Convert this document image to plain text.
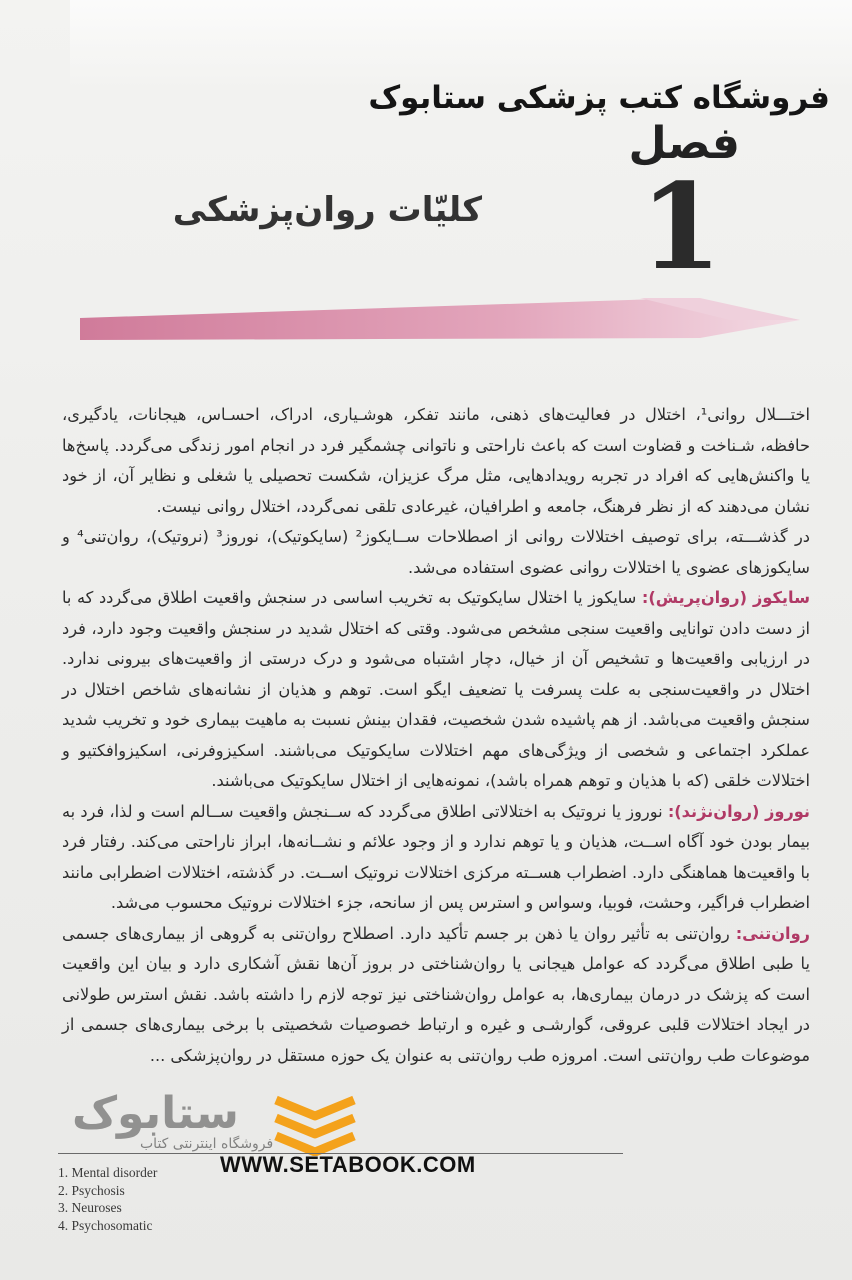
فروشگاه کتب پزشکی ستابوک
فصل
1
کلیّات روان‌پزشکی

اختـــلال روانی¹، اختلال در فعالیت‌های ذهنی، مانند تفکر، هوشـیاری، ادراک، احسـاس، هیجانات، یادگیری، حافظه، شـناخت و قضاوت است که باعث ناراحتی و ناتوانی چشمگیر فرد در انجام امور زندگی می‌گردد. پاسخ‌ها یا واکنش‌هایی که افراد در تجربه رویدادهایی، مثل مرگ عزیزان، شکست تحصیلی یا شغلی و نظایر آن، از خود نشان می‌دهند که از نظر فرهنگ، جامعه و اطرافیان، غیرعادی تلقی نمی‌گردد، اختلال روانی نیست.

در گذشـــته، برای توصیف اختلالات روانی از اصطلاحات ســایکوز² (سایکوتیک)، نوروز³ (نروتیک)، روان‌تنی⁴ و سایکوزهای عضوی یا اختلالات روانی عضوی استفاده می‌شد.

سایکوز (روان‌پریش): سایکوز یا اختلال سایکوتیک به تخریب اساسی در سنجش واقعیت اطلاق می‌گردد که با از دست دادن توانایی واقعیت سنجی مشخص می‌شود. وقتی که اختلال شدید در سنجش واقعیت وجود دارد، فرد در ارزیابی واقعیت‌ها و تشخیص آن از خیال، دچار اشتباه می‌شود و درک درستی از واقعیت‌های بیرونی ندارد. اختلال در واقعیت‌سنجی به علت پسرفت یا تضعیف ایگو است. توهم و هذیان از نشانه‌های شاخص اختلال در سنجش واقعیت می‌باشد. از هم پاشیده شدن شخصیت، فقدان بینش نسبت به ماهیت بیماری خود و تخریب شدید عملکرد اجتماعی و شخصی از ویژگی‌های مهم اختلالات سایکوتیک می‌باشند. اسکیزوفرنی، اسکیزوافکتیو و اختلالات خلقی (که با هذیان و توهم همراه باشد)، نمونه‌هایی از اختلال سایکوتیک می‌باشند.

نوروز (روان‌نژند): نوروز یا نروتیک به اختلالاتی اطلاق می‌گردد که ســنجش واقعیت ســالم است و لذا، فرد به بیمار بودن خود آگاه اســت، هذیان و یا توهم ندارد و از وجود علائم و نشــانه‌ها، ابراز ناراحتی می‌کند. رفتار فرد با واقعیت‌ها هماهنگی دارد. اضطراب هســته مرکزی اختلالات نروتیک اســت. در گذشته، اختلالات اضطرابی مانند اضطراب فراگیر، وحشت، فوبیا، وسواس و استرس پس از سانحه، جزء اختلالات نروتیک محسوب می‌شد.

روان‌تنی: روان‌تنی به تأثیر روان یا ذهن بر جسم تأکید دارد. اصطلاح روان‌تنی به گروهی از بیماری‌های جسمی یا طبی اطلاق می‌گردد که عوامل هیجانی یا روان‌شناختی در بروز آن‌ها نقش آشکاری دارد و بیان این واقعیت است که پزشک در درمان بیماری‌ها، به عوامل روان‌شناختی نیز توجه لازم را داشته باشد. نقش استرس طولانی در ایجاد اختلالات قلبی عروقی، گوارشـی و غیره و ارتباط خصوصیات شخصیتی با برخی بیماری‌های جسمی از موضوعات طب روان‌تنی است. امروزه طب روان‌تنی به عنوان یک حوزه مستقل در روان‌پزشکی ...

ستابوک
فروشگاه اینترنتی کتاب
1. Mental disorder
2. Psychosis
3. Neuroses
4. Psychosomatic
WWW.SETABOOK.COM
